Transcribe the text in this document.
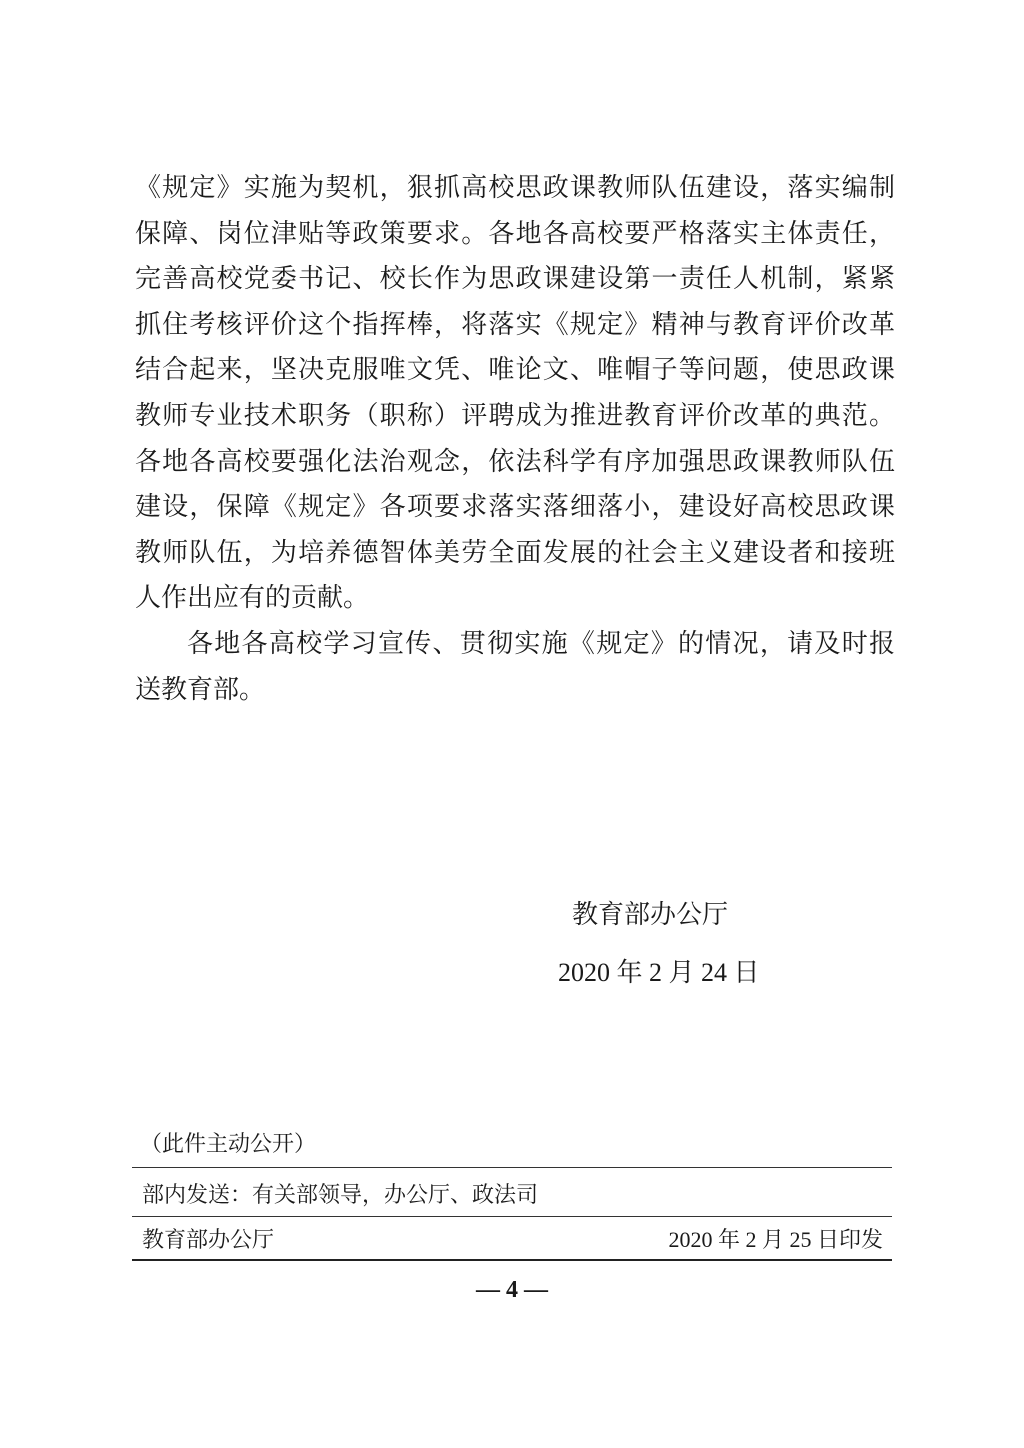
《规定》实施为契机，狠抓高校思政课教师队伍建设，落实编制
保障、岗位津贴等政策要求。各地各高校要严格落实主体责任，
完善高校党委书记、校长作为思政课建设第一责任人机制，紧紧
抓住考核评价这个指挥棒，将落实《规定》精神与教育评价改革
结合起来，坚决克服唯文凭、唯论文、唯帽子等问题，使思政课
教师专业技术职务（职称）评聘成为推进教育评价改革的典范。
各地各高校要强化法治观念，依法科学有序加强思政课教师队伍
建设，保障《规定》各项要求落实落细落小，建设好高校思政课
教师队伍，为培养德智体美劳全面发展的社会主义建设者和接班
人作出应有的贡献。
各地各高校学习宣传、贯彻实施《规定》的情况，请及时报
送教育部。
教育部办公厅
2020 年 2 月 24 日
（此件主动公开）
部内发送：有关部领导，办公厅、政法司
教育部办公厅	2020 年 2 月 25 日印发
— 4 —
